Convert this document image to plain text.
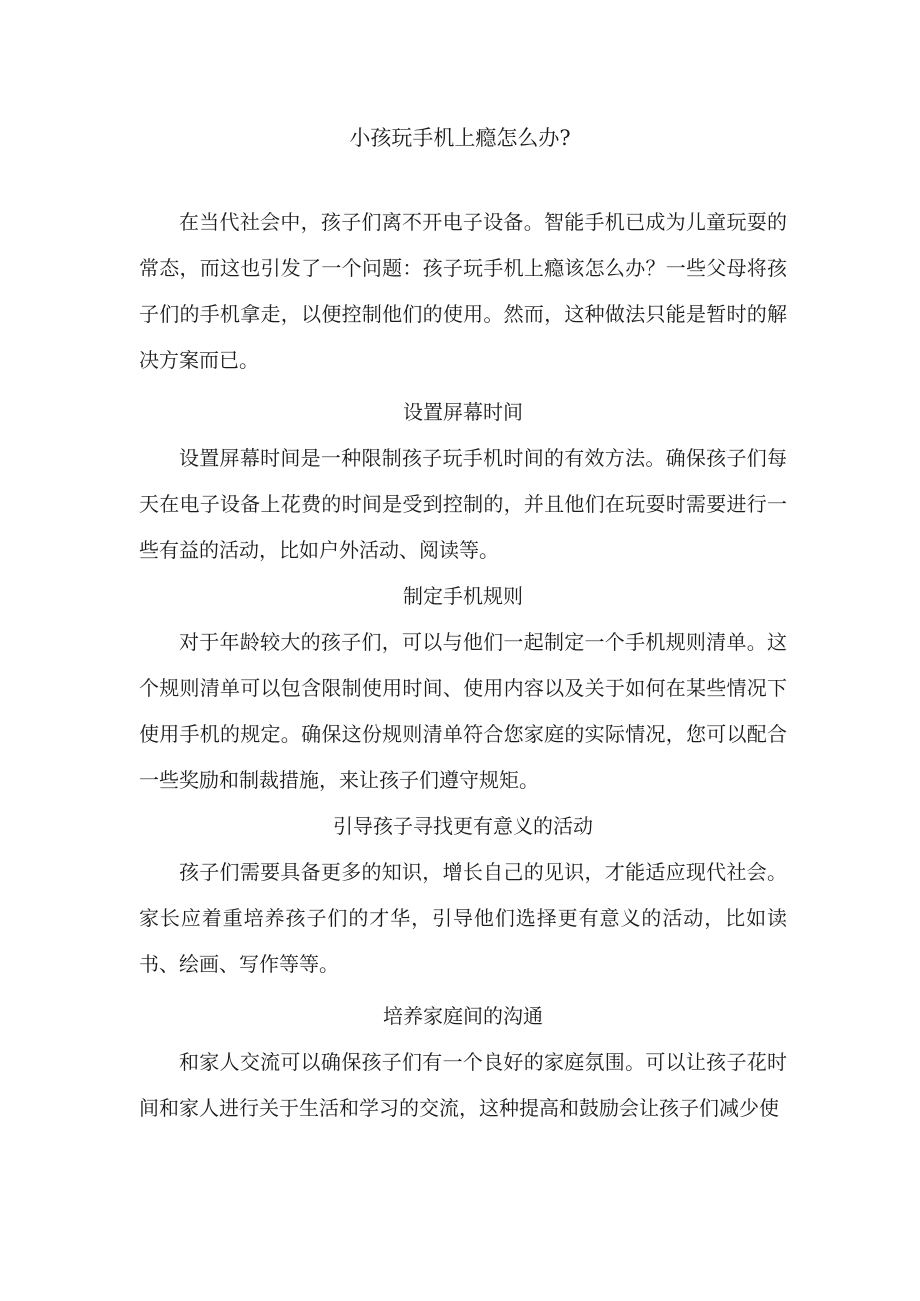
小孩玩手机上瘾怎么办?

在当代社会中，孩子们离不开电子设备。智能手机已成为儿童玩耍的常态，而这也引发了一个问题：孩子玩手机上瘾该怎么办？一些父母将孩子们的手机拿走，以便控制他们的使用。然而，这种做法只能是暂时的解决方案而已。

设置屏幕时间

设置屏幕时间是一种限制孩子玩手机时间的有效方法。确保孩子们每天在电子设备上花费的时间是受到控制的，并且他们在玩耍时需要进行一些有益的活动，比如户外活动、阅读等。

制定手机规则

对于年龄较大的孩子们，可以与他们一起制定一个手机规则清单。这个规则清单可以包含限制使用时间、使用内容以及关于如何在某些情况下使用手机的规定。确保这份规则清单符合您家庭的实际情况，您可以配合一些奖励和制裁措施，来让孩子们遵守规矩。

引导孩子寻找更有意义的活动

孩子们需要具备更多的知识，增长自己的见识，才能适应现代社会。家长应着重培养孩子们的才华，引导他们选择更有意义的活动，比如读书、绘画、写作等等。

培养家庭间的沟通

和家人交流可以确保孩子们有一个良好的家庭氛围。可以让孩子花时间和家人进行关于生活和学习的交流，这种提高和鼓励会让孩子们减少使
